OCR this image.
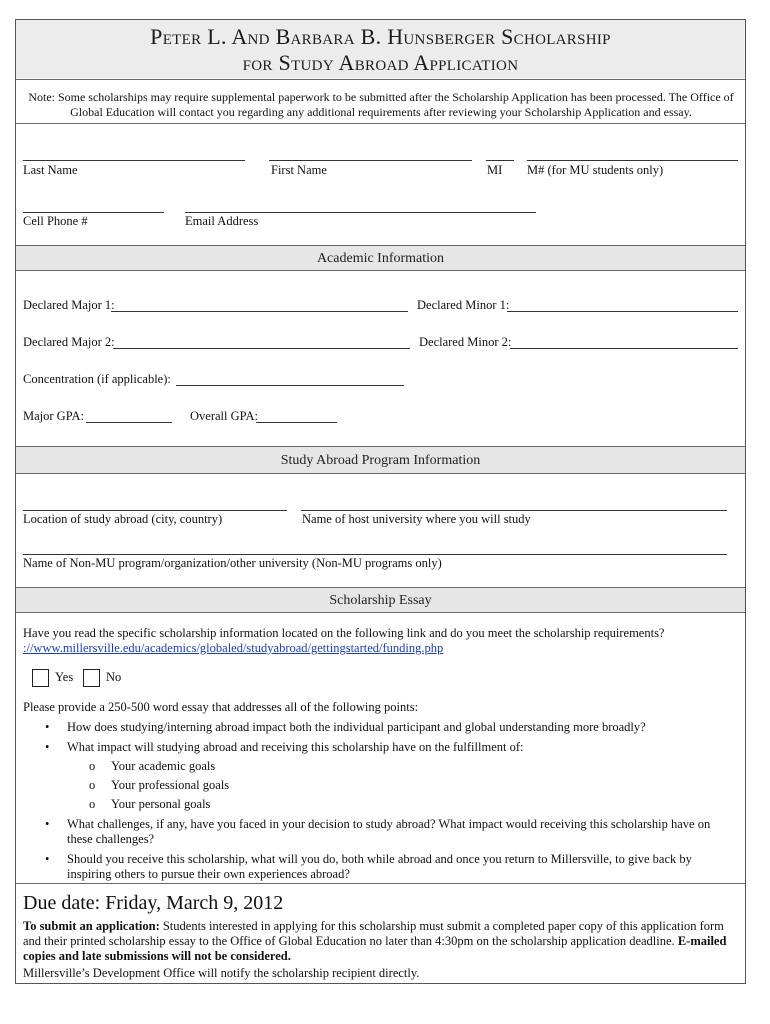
Peter L. And Barbara B. Hunsberger Scholarship
for Study Abroad Application
Note: Some scholarships may require supplemental paperwork to be submitted after the Scholarship Application has been processed. The Office of Global Education will contact you regarding any additional requirements after reviewing your Scholarship Application and essay.
Last Name	First Name	MI M# (for MU students only)
Cell Phone #	Email Address
Academic Information
Declared Major 1:	Declared Minor 1:
Declared Major 2:	Declared Minor 2:
Concentration (if applicable):
Major GPA:	Overall GPA:
Study Abroad Program Information
Location of study abroad (city, country)	Name of host university where you will study
Name of Non-MU program/organization/other university (Non-MU programs only)
Scholarship Essay
Have you read the specific scholarship information located on the following link and do you meet the scholarship requirements?
://www.millersville.edu/academics/globaled/studyabroad/gettingstarted/funding.php
Yes	No
Please provide a 250-500 word essay that addresses all of the following points:
• How does studying/interning abroad impact both the individual participant and global understanding more broadly?
• What impact will studying abroad and receiving this scholarship have on the fulfillment of:
o Your academic goals
o Your professional goals
o Your personal goals
• What challenges, if any, have you faced in your decision to study abroad? What impact would receiving this scholarship have on these challenges?
• Should you receive this scholarship, what will you do, both while abroad and once you return to Millersville, to give back by inspiring others to pursue their own experiences abroad?
Due date: Friday, March 9, 2012
To submit an application: Students interested in applying for this scholarship must submit a completed paper copy of this application form and their printed scholarship essay to the Office of Global Education no later than 4:30pm on the scholarship application deadline. E-mailed copies and late submissions will not be considered.
Millersville’s Development Office will notify the scholarship recipient directly.
